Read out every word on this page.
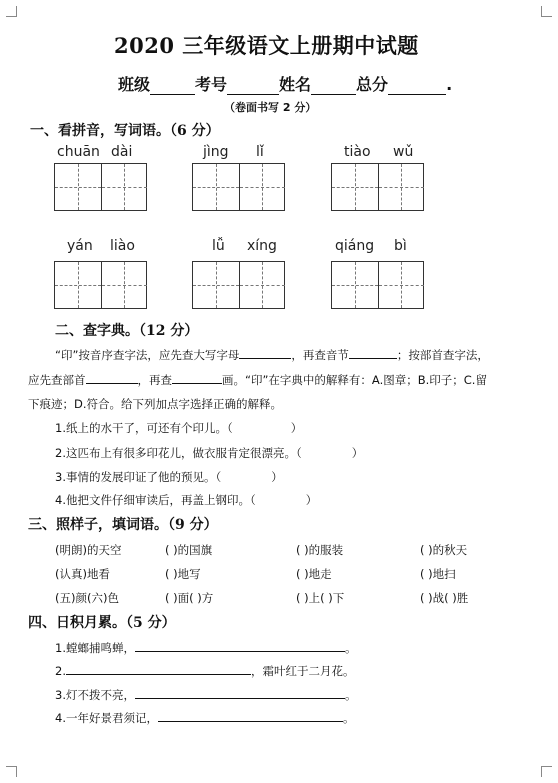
2020 三年级语文上册期中试题
班级	考号	姓名	总分	.
（卷面书写 2 分）
一、看拼音，写词语。（6 分）
chuān dài	jìng lǐ	tiào wǔ
yán liào	lǚ xíng	qiáng bì
二、查字典。（12 分）
“印”按音序查字法，应先查大写字母	，再查音节	；按部首查字法，
应先查部首	，再查	画。“印”在字典中的解释有：A.图章；B.印子；C.留
下痕迹；D.符合。给下列加点字选择正确的解释。
1.纸上的水干了，可还有个印儿。（	）
2.这匹布上有很多印花儿，做衣服肯定很漂亮。（	）
3.事情的发展印证了他的预见。（	）
4.他把文件仔细审读后，再盖上钢印。（	）
三、照样子，填词语。（9 分）
(明朗)的天空	( )的国旗	( )的服装	( )的秋天
(认真)地看	( )地写	( )地走	( )地扫
(五)颜(六)色	( )面( )方	( )上( )下	( )战( )胜
四、日积月累。（5 分）
1.螳螂捕鸣蝉，	。
2.	，霜叶红于二月花。
3.灯不拨不亮，	。
4.一年好景君须记，	。
